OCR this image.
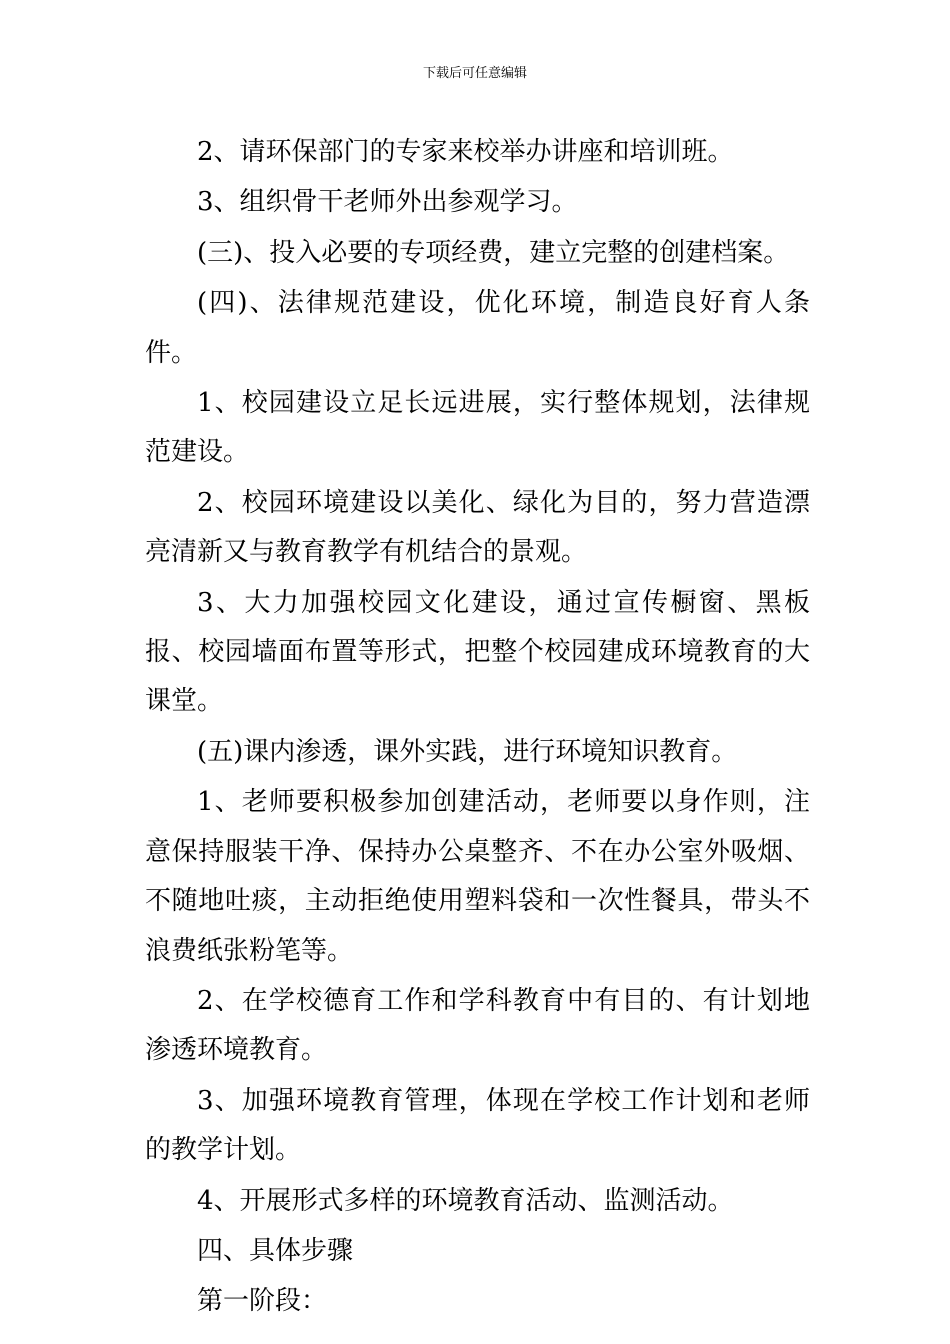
下载后可任意编辑

2、请环保部门的专家来校举办讲座和培训班。

3、组织骨干老师外出参观学习。

(三)、投入必要的专项经费，建立完整的创建档案。

(四)、法律规范建设，优化环境，制造良好育人条件。

1、校园建设立足长远进展，实行整体规划，法律规范建设。

2、校园环境建设以美化、绿化为目的，努力营造漂亮清新又与教育教学有机结合的景观。

3、大力加强校园文化建设，通过宣传橱窗、黑板报、校园墙面布置等形式，把整个校园建成环境教育的大课堂。

(五)课内渗透，课外实践，进行环境知识教育。

1、老师要积极参加创建活动，老师要以身作则，注意保持服装干净、保持办公桌整齐、不在办公室外吸烟、不随地吐痰，主动拒绝使用塑料袋和一次性餐具，带头不浪费纸张粉笔等。

2、在学校德育工作和学科教育中有目的、有计划地渗透环境教育。

3、加强环境教育管理，体现在学校工作计划和老师的教学计划。

4、开展形式多样的环境教育活动、监测活动。

四、具体步骤

第一阶段：
